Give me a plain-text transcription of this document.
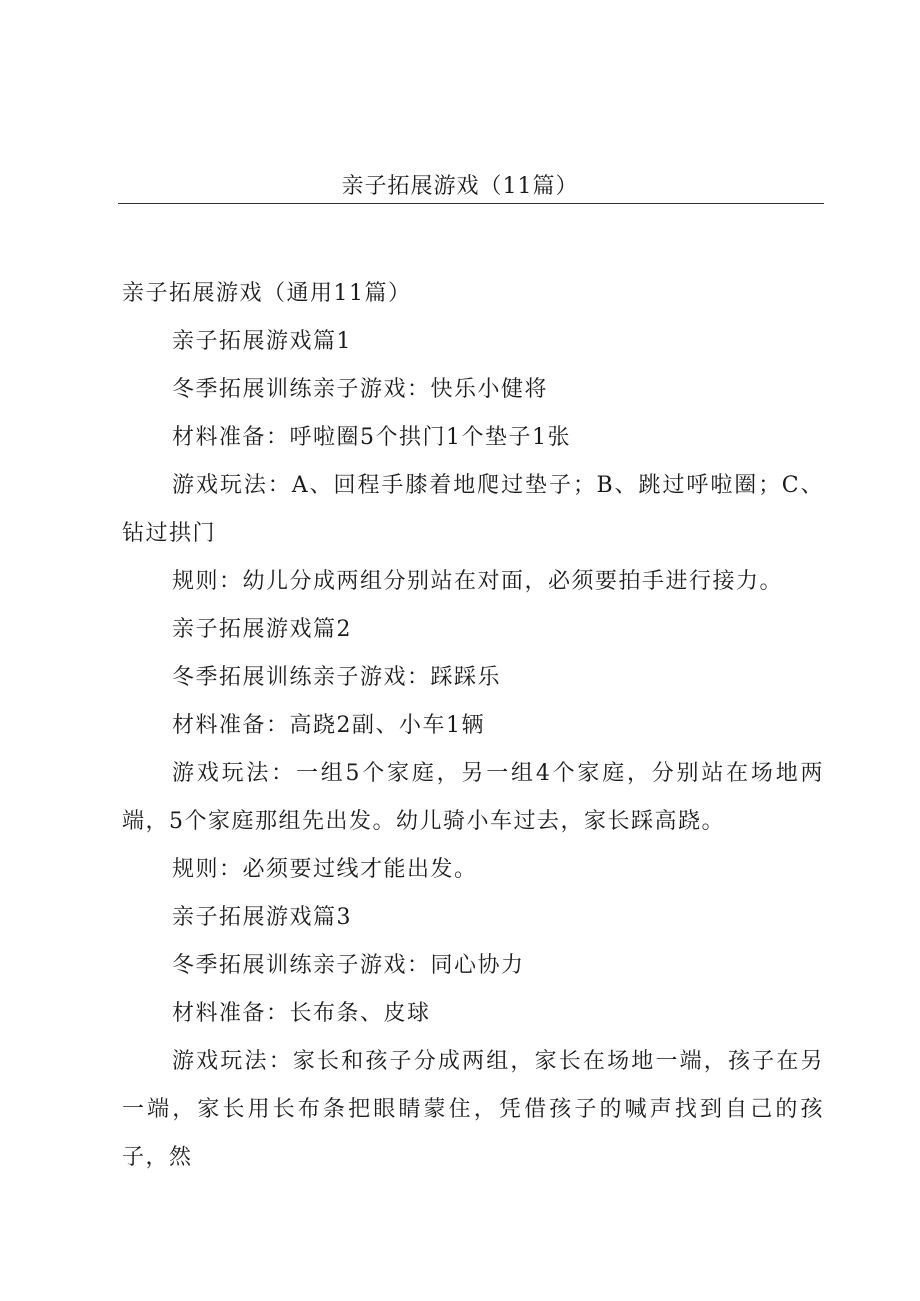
亲子拓展游戏（11篇）

亲子拓展游戏（通用11篇）

亲子拓展游戏篇1

冬季拓展训练亲子游戏：快乐小健将

材料准备：呼啦圈5个拱门1个垫子1张

游戏玩法：A、回程手膝着地爬过垫子；B、跳过呼啦圈；C、钻过拱门

规则：幼儿分成两组分别站在对面，必须要拍手进行接力。

亲子拓展游戏篇2

冬季拓展训练亲子游戏：踩踩乐

材料准备：高跷2副、小车1辆

游戏玩法：一组5个家庭，另一组4个家庭，分别站在场地两端，5个家庭那组先出发。幼儿骑小车过去，家长踩高跷。

规则：必须要过线才能出发。

亲子拓展游戏篇3

冬季拓展训练亲子游戏：同心协力

材料准备：长布条、皮球

游戏玩法：家长和孩子分成两组，家长在场地一端，孩子在另一端，家长用长布条把眼睛蒙住，凭借孩子的喊声找到自己的孩子，然
